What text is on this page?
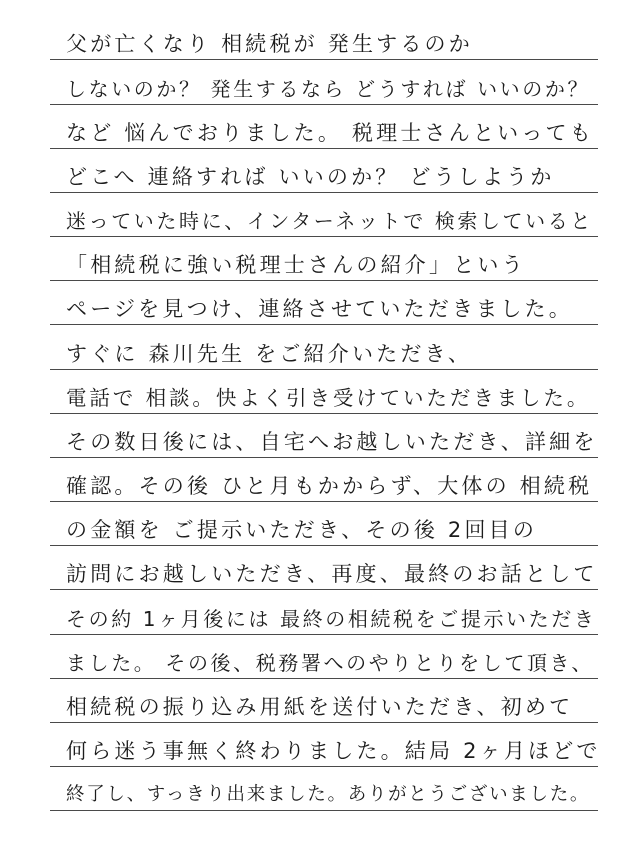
父が亡くなり 相続税が 発生するのか
しないのか？ 発生するなら どうすれば いいのか？
など 悩んでおりました。 税理士さんといっても
どこへ 連絡すれば いいのか？ どうしようか
迷っていた時に、インターネットで 検索していると
「相続税に強い税理士さんの紹介」という
ページを見つけ、連絡させていただきました。
すぐに 森川先生 をご紹介いただき、
電話で 相談。快よく引き受けていただきました。
その数日後には、自宅へお越しいただき、詳細を
確認。その後 ひと月もかからず、大体の 相続税
の金額を ご提示いただき、その後 2回目の
訪問にお越しいただき、再度、最終のお話として
その約 1ヶ月後には 最終の相続税をご提示いただき
ました。 その後、税務署へのやりとりをして頂き、
相続税の振り込み用紙を送付いただき、初めて
何ら迷う事無く終わりました。結局 2ヶ月ほどで
終了し、すっきり出来ました。ありがとうございました。
